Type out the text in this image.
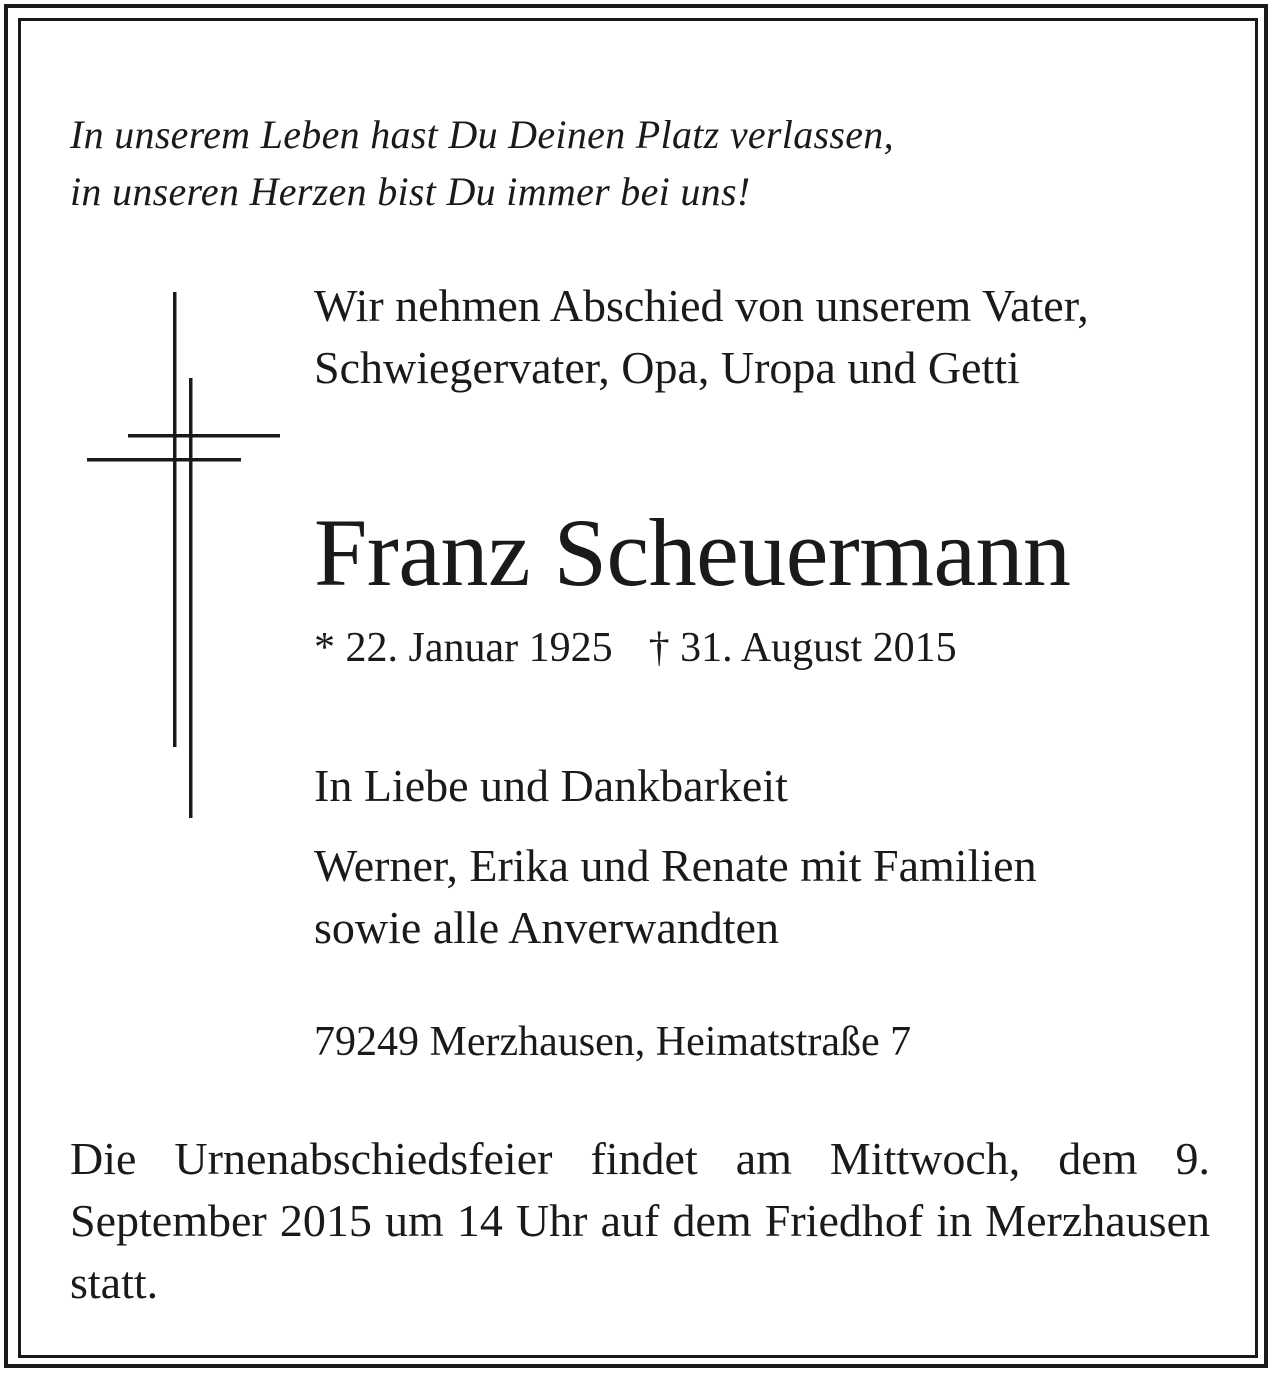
In unserem Leben hast Du Deinen Platz verlassen,
in unseren Herzen bist Du immer bei uns!
Wir nehmen Abschied von unserem Vater,
Schwiegervater, Opa, Uropa und Getti
Franz Scheuermann
* 22. Januar 1925 † 31. August 2015
In Liebe und Dankbarkeit
Werner, Erika und Renate mit Familien
sowie alle Anverwandten
79249 Merzhausen, Heimatstraße 7
Die Urnenabschiedsfeier findet am Mittwoch, dem 9. September 2015 um 14 Uhr auf dem Friedhof in Merzhausen statt.
